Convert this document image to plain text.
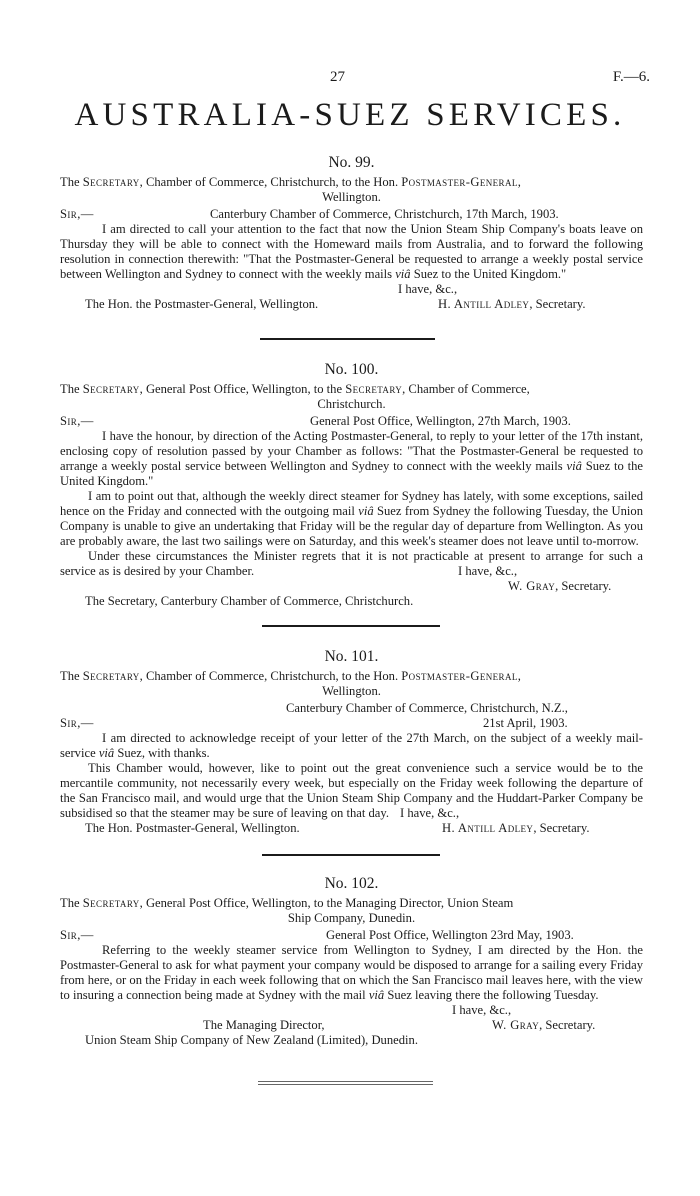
27	F.—6.
AUSTRALIA-SUEZ SERVICES.
No. 99.
The Secretary, Chamber of Commerce, Christchurch, to the Hon. Postmaster-General,
Wellington.
Sir,—	Canterbury Chamber of Commerce, Christchurch, 17th March, 1903.

I am directed to call your attention to the fact that now the Union Steam Ship Company's boats leave on Thursday they will be able to connect with the Homeward mails from Australia, and to forward the following resolution in connection therewith: "That the Postmaster-General be requested to arrange a weekly postal service between Wellington and Sydney to connect with the weekly mails viâ Suez to the United Kingdom."

I have, &c.,
The Hon. the Postmaster-General, Wellington.	H. Antill Adley, Secretary.
No. 100.
The Secretary, General Post Office, Wellington, to the Secretary, Chamber of Commerce,
Christchurch.
Sir,—	General Post Office, Wellington, 27th March, 1903.

I have the honour, by direction of the Acting Postmaster-General, to reply to your letter of the 17th instant, enclosing copy of resolution passed by your Chamber as follows: "That the Postmaster-General be requested to arrange a weekly postal service between Wellington and Sydney to connect with the weekly mails viâ Suez to the United Kingdom."

I am to point out that, although the weekly direct steamer for Sydney has lately, with some exceptions, sailed hence on the Friday and connected with the outgoing mail viâ Suez from Sydney the following Tuesday, the Union Company is unable to give an undertaking that Friday will be the regular day of departure from Wellington. As you are probably aware, the last two sailings were on Saturday, and this week's steamer does not leave until to-morrow.

Under these circumstances the Minister regrets that it is not practicable at present to arrange for such a service as is desired by your Chamber.	I have, &c.,
W. Gray, Secretary.
The Secretary, Canterbury Chamber of Commerce, Christchurch.
No. 101.
The Secretary, Chamber of Commerce, Christchurch, to the Hon. Postmaster-General,
Wellington.
Canterbury Chamber of Commerce, Christchurch, N.Z.,
Sir,—	21st April, 1903.

I am directed to acknowledge receipt of your letter of the 27th March, on the subject of a weekly mail-service viâ Suez, with thanks.

This Chamber would, however, like to point out the great convenience such a service would be to the mercantile community, not necessarily every week, but especially on the Friday week following the departure of the San Francisco mail, and would urge that the Union Steam Ship Company and the Huddart-Parker Company be subsidised so that the steamer may be sure of leaving on that day. I have, &c.,
The Hon. Postmaster-General, Wellington.	H. Antill Adley, Secretary.
No. 102.
The Secretary, General Post Office, Wellington, to the Managing Director, Union Steam
Ship Company, Dunedin.
Sir,—	General Post Office, Wellington 23rd May, 1903.

Referring to the weekly steamer service from Wellington to Sydney, I am directed by the Hon. the Postmaster-General to ask for what payment your company would be disposed to arrange for a sailing every Friday from here, or on the Friday in each week following that on which the San Francisco mail leaves here, with the view to insuring a connection being made at Sydney with the mail viâ Suez leaving there the following Tuesday.

I have, &c.,
The Managing Director,	W. Gray, Secretary.
Union Steam Ship Company of New Zealand (Limited), Dunedin.
